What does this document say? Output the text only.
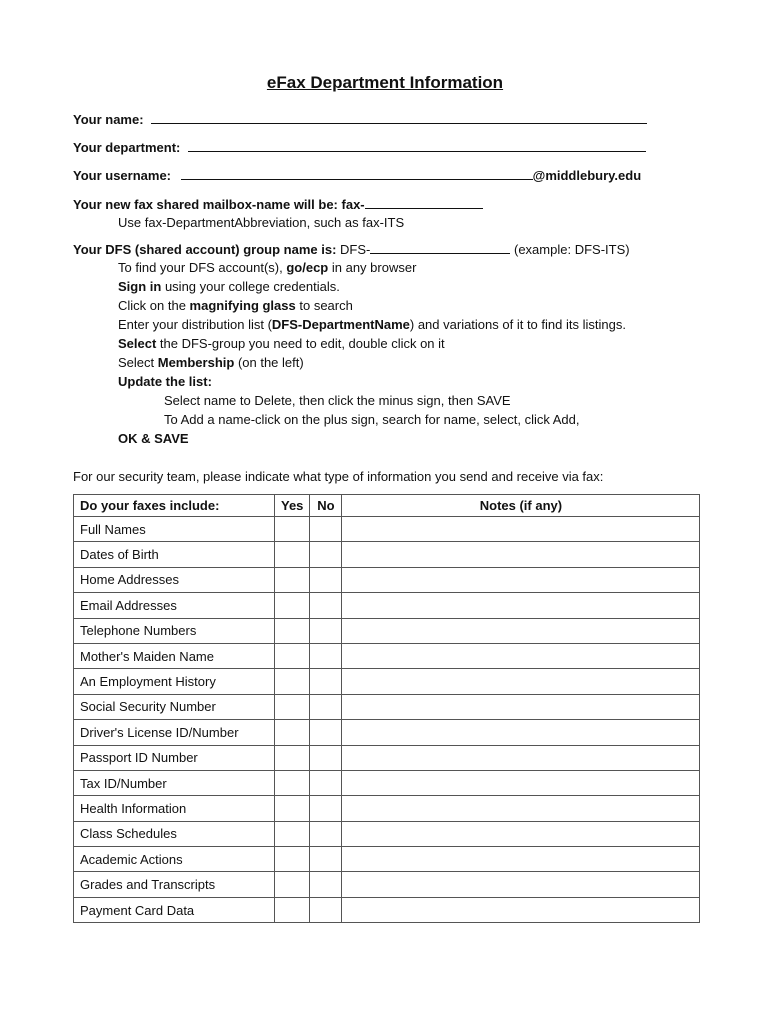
eFax Department Information
Your name:
Your department:
Your username:	@middlebury.edu
Your new fax shared mailbox-name will be: fax-
Use fax-DepartmentAbbreviation, such as fax-ITS
Your DFS (shared account) group name is: DFS-	(example: DFS-ITS)
To find your DFS account(s), go/ecp in any browser
Sign in using your college credentials.
Click on the magnifying glass to search
Enter your distribution list (DFS-DepartmentName) and variations of it to find its listings.
Select the DFS-group you need to edit, double click on it
Select Membership (on the left)
Update the list:
Select name to Delete, then click the minus sign, then SAVE
To Add a name-click on the plus sign, search for name, select, click Add,
OK & SAVE
For our security team, please indicate what type of information you send and receive via fax:
Do your faxes include:	Yes	No	Notes (if any)
Full Names			
Dates of Birth			
Home Addresses			
Email Addresses			
Telephone Numbers			
Mother's Maiden Name			
An Employment History			
Social Security Number			
Driver's License ID/Number			
Passport ID Number			
Tax ID/Number			
Health Information			
Class Schedules			
Academic Actions			
Grades and Transcripts			
Payment Card Data			
